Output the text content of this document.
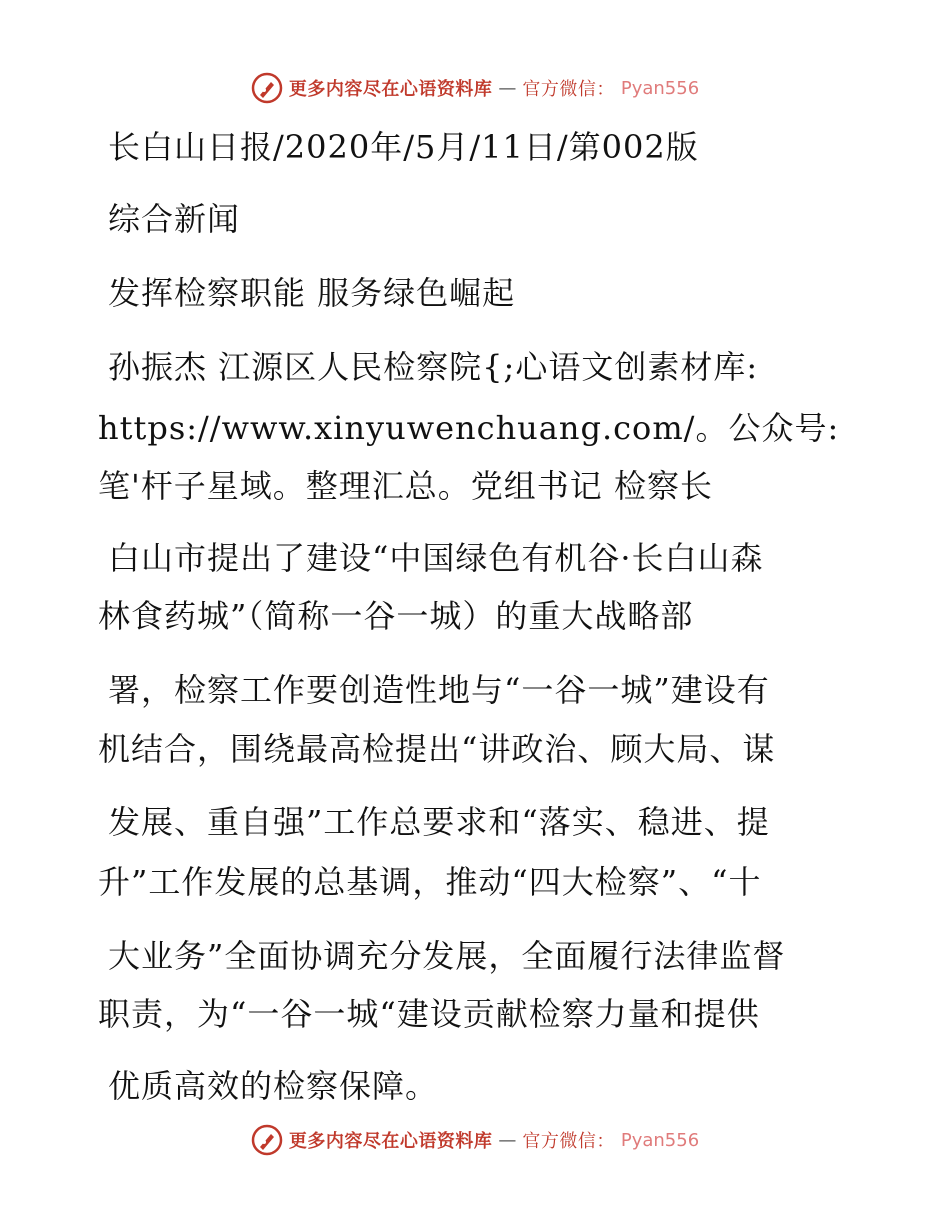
更多内容尽在心语资料库 — 官方微信： Pyan556
长白山日报/2020年/5月/11日/第002版
综合新闻
发挥检察职能 服务绿色崛起
孙振杰 江源区人民检察院{;心语文创素材库:
https://www.xinyuwenchuang.com/。公众号:
笔'杆子星域。整理汇总。党组书记 检察长
白山市提出了建设“中国绿色有机谷·长白山森
林食药城”（简称一谷一城）的重大战略部
署，检察工作要创造性地与“一谷一城”建设有
机结合，围绕最高检提出“讲政治、顾大局、谋
发展、重自强”工作总要求和“落实、稳进、提
升”工作发展的总基调，推动“四大检察”、“十
大业务”全面协调充分发展，全面履行法律监督
职责，为“一谷一城“建设贡献检察力量和提供
优质高效的检察保障。
更多内容尽在心语资料库 — 官方微信： Pyan556
